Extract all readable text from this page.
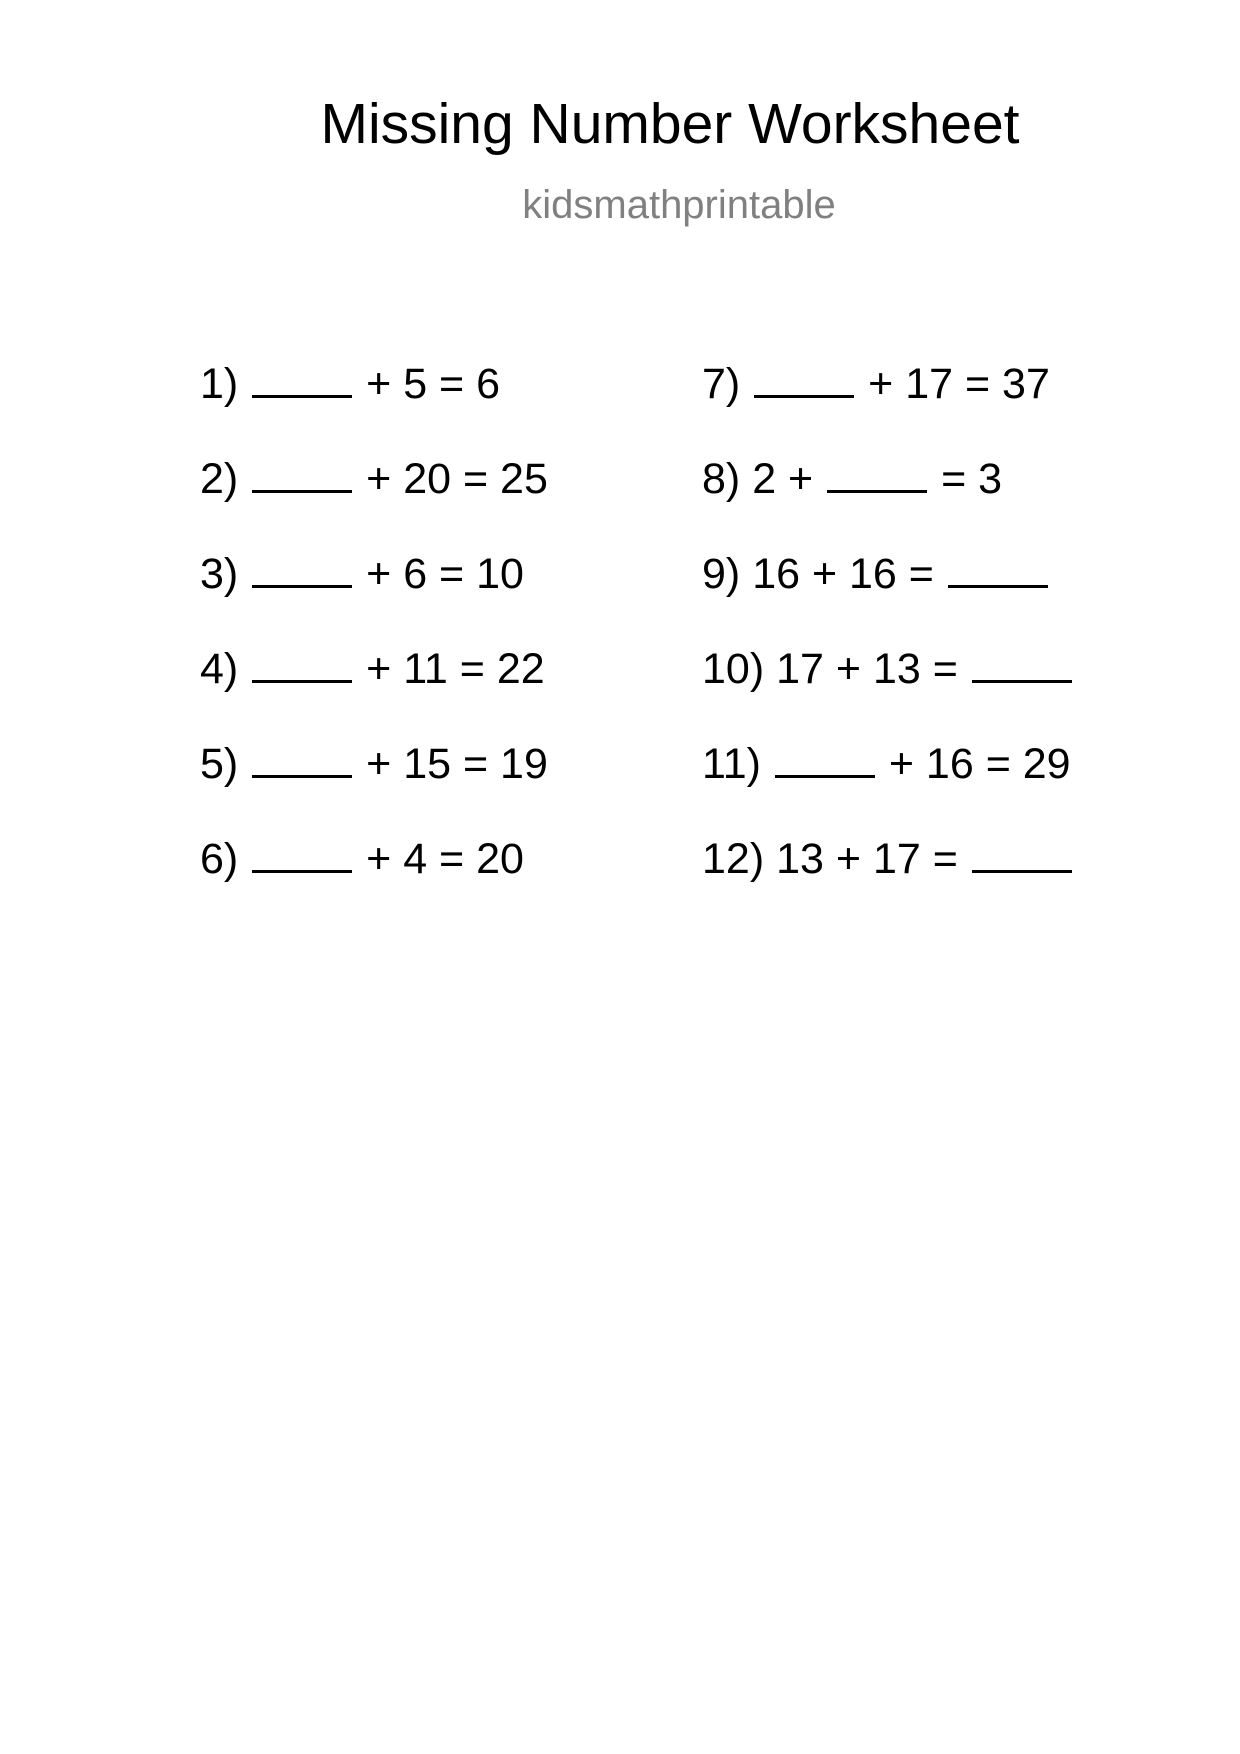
Missing Number Worksheet
kidsmathprintable
1)	+ 5 = 6
2)	+ 20 = 25
3)	+ 6 = 10
4)	+ 11 = 22
5)	+ 15 = 19
6)	+ 4 = 20
7)	+ 17 = 37
8) 2 +	= 3
9) 16 + 16 =
10) 17 + 13 =
11)	+ 16 = 29
12) 13 + 17 =
